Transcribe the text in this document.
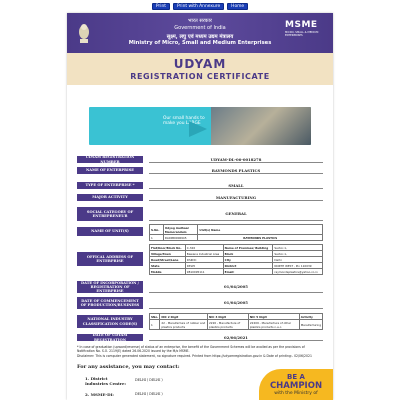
Print	Print with Annexure	Home
भारत सरकार
Government of India
सूक्ष्म, लघु एवं मध्यम उद्यम मंत्रालय
Ministry of Micro, Small and Medium Enterprises
MSME
MICRO, SMALL & MEDIUM ENTERPRISES
UDYAM
REGISTRATION CERTIFICATE
Our small hands to make you LARGE
UDYAM REGISTRATION NUMBER	UDYAM-DL-06-0018278
NAME OF ENTERPRISE	RAYMONDS PLASTICS
TYPE OF ENTERPRISE *	SMALL
MAJOR ACTIVITY	MANUFACTURING
SOCIAL CATEGORY OF ENTREPRENEUR	GENERAL
NAME OF UNIT(S)	S.No.	Udyog Aadhaar Memorandum	Unit(s) Name
1	DL06B0006945	RAYMONDS PLASTICS
OFFICAL ADDRESS OF ENTERPRISE
Flat/Door/Block No.	C-326	Name of Premises/ Building	Sector-1,
Village/Town	Bawana Industrial Area	Block	Sector-1,
Road/Street/Lane	DSIIDC	City	Delhi
State	DELHI	District	NORTH WEST , Pin 110039
Mobile	9810095111	Email:	raymondsplastics@yahoo.co.in
DATE OF INCORPORATION / REGISTRATION OF ENTERPRISE
01/04/2005
DATE OF COMMENCEMENT OF PRODUCTION/BUSINESS	01/04/2005
NATIONAL INDUSTRY CLASSIFICATION CODE(S)
SNo.	NIC 2 Digit	NIC 4 Digit	NIC 5 Digit	Activity
1	22 - Manufacture of rubber and plastics products	2220 - Manufacture of plastics products	22209 - Manufacture of other plastics products n.e.c.	Manufacturing
DATE OF UDYAM REGISTRATION	02/06/2021
* In case of graduation (upward/reverse) of status of an enterprise, the benefit of the Government Schemes will be availed as per the provisions of Notification No. S.O. 2119(E) dated 26.06.2020 issued by the M/o MSME.
Disclaimer: This is computer generated statement, no signature required. Printed from https://udyamregistration.gov.in & Date of printing:- 02/06/2021
For any assistance, you may contact:
1. District Industries Centre:
DELHI ( DELHI )
2. MSME-DI:	DELHI ( DELHI )
BE A
CHAMPION
with the Ministry of
